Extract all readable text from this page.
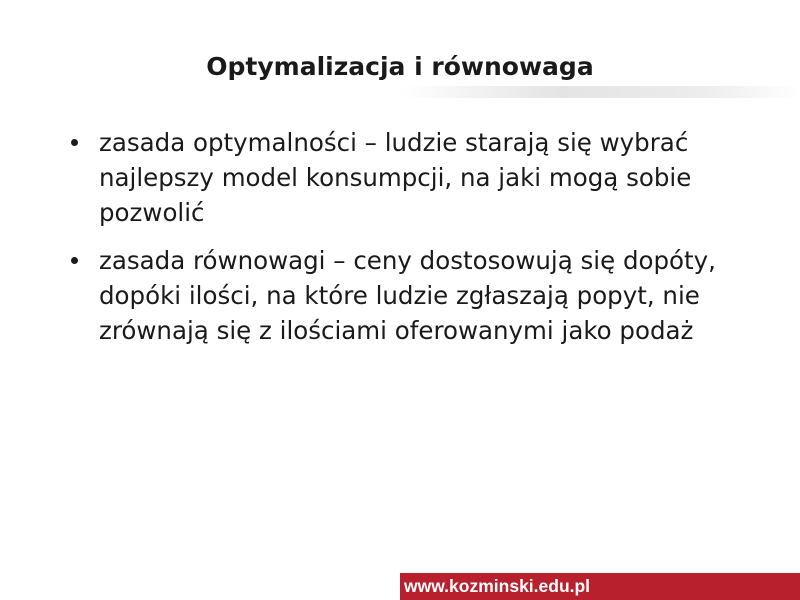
Optymalizacja i równowaga
zasada optymalności – ludzie starają się wybrać najlepszy model konsumpcji, na jaki mogą sobie pozwolić
zasada równowagi – ceny dostosowują się dopóty, dopóki ilości, na które ludzie zgłaszają popyt, nie zrównają się z ilościami oferowanymi jako podaż
www.kozminski.edu.pl
